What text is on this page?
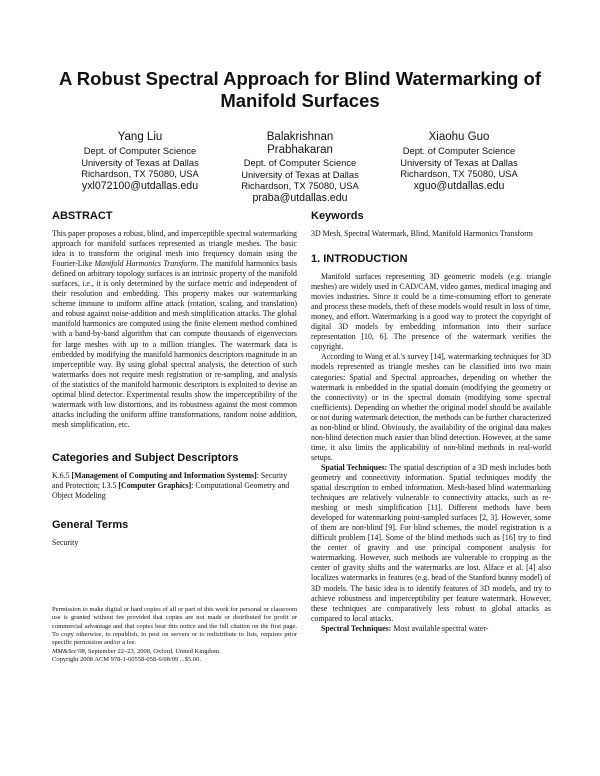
A Robust Spectral Approach for Blind Watermarking of Manifold Surfaces
Yang Liu
Dept. of Computer Science
University of Texas at Dallas
Richardson, TX 75080, USA
yxl072100@utdallas.edu
Balakrishnan Prabhakaran
Dept. of Computer Science
University of Texas at Dallas
Richardson, TX 75080, USA
praba@utdallas.edu
Xiaohu Guo
Dept. of Computer Science
University of Texas at Dallas
Richardson, TX 75080, USA
xguo@utdallas.edu
ABSTRACT

This paper proposes a robust, blind, and imperceptible spectral watermarking approach for manifold surfaces represented as triangle meshes. The basic idea is to transform the original mesh into frequency domain using the Fourier-Like Manifold Harmonics Transform. The manifold harmonics basis defined on arbitrary topology surfaces is an intrinsic property of the manifold surfaces, i.e., it is only determined by the surface metric and independent of their resolution and embedding. This property makes our watermarking scheme immune to uniform affine attack (rotation, scaling, and translation) and robust against noise-addition and mesh simplification attacks. The global manifold harmonics are computed using the finite element method combined with a band-by-band algorithm that can compute thousands of eigenvectors for large meshes with up to a million triangles. The watermark data is embedded by modifying the manifold harmonics descriptors magnitude in an imperceptible way. By using global spectral analysis, the detection of such watermarks does not require mesh registration or re-sampling, and analysis of the statistics of the manifold harmonic descriptors is exploited to devise an optimal blind detector. Experimental results show the imperceptibility of the watermark with low distortions, and its robustness against the most common attacks including the uniform affine transformations, random noise addition, mesh simplification, etc.

Categories and Subject Descriptors

K.6.5 [Management of Computing and Information Systems]: Security and Protection; I.3.5 [Computer Graphics]: Computational Geometry and Object Modeling

General Terms

Security

Permission to make digital or hard copies of all or part of this work for personal or classroom use is granted without fee provided that copies are not made or distributed for profit or commercial advantage and that copies bear this notice and the full citation on the first page. To copy otherwise, to republish, to post on servers or to redistribute to lists, requires prior specific permission and/or a fee.

MM&Sec'08, September 22–23, 2008, Oxford, United Kingdom.

Copyright 2008 ACM 978-1-60558-058-6/08/09 ...$5.00.

Keywords

3D Mesh, Spectral Watermark, Blind, Manifold Harmonics Transform

1. INTRODUCTION

Manifold surfaces representing 3D geometric models (e.g. triangle meshes) are widely used in CAD/CAM, video games, medical imaging and movies industries. Since it could be a time-consuming effort to generate and process these models, theft of these models would result in loss of time, money, and effort. Watermarking is a good way to protect the copyright of digital 3D models by embedding information into their surface representation [10, 6]. The presence of the watermark verifies the copyright.

According to Wang et al.'s survey [14], watermarking techniques for 3D models represented as triangle meshes can be classified into two main categories: Spatial and Spectral approaches, depending on whether the watermark is embedded in the spatial domain (modifying the geometry or the connectivity) or in the spectral domain (modifying some spectral coefficients). Depending on whether the original model should be available or not during watermark detection, the methods can be further characterized as non-blind or blind. Obviously, the availability of the original data makes non-blind detection much easier than blind detection. However, at the same time, it also limits the applicability of non-blind methods in real-world setups.

Spatial Techniques: The spatial description of a 3D mesh includes both geometry and connectivity information. Spatial techniques modify the spatial description to embed information. Mesh-based blind watermarking techniques are relatively vulnerable to connectivity attacks, such as re-meshing or mesh simplification [11]. Different methods have been developed for watermarking point-sampled surfaces [2, 3]. However, some of them are non-blind [9]. For blind schemes, the model registration is a difficult problem [14]. Some of the blind methods such as [16] try to find the center of gravity and use principal component analysis for watermarking. However, such methods are vulnerable to cropping as the center of gravity shifts and the watermarks are lost. Alface et al. [4] also localizes watermarks in features (e.g. head of the Stanford bunny model) of 3D models. The basic idea is to identify features of 3D models, and try to achieve robustness and imperceptibility per feature watermark. However, these techniques are comparatively less robust to global attacks as compared to local attacks.

Spectral Techniques: Most available spectral water-
